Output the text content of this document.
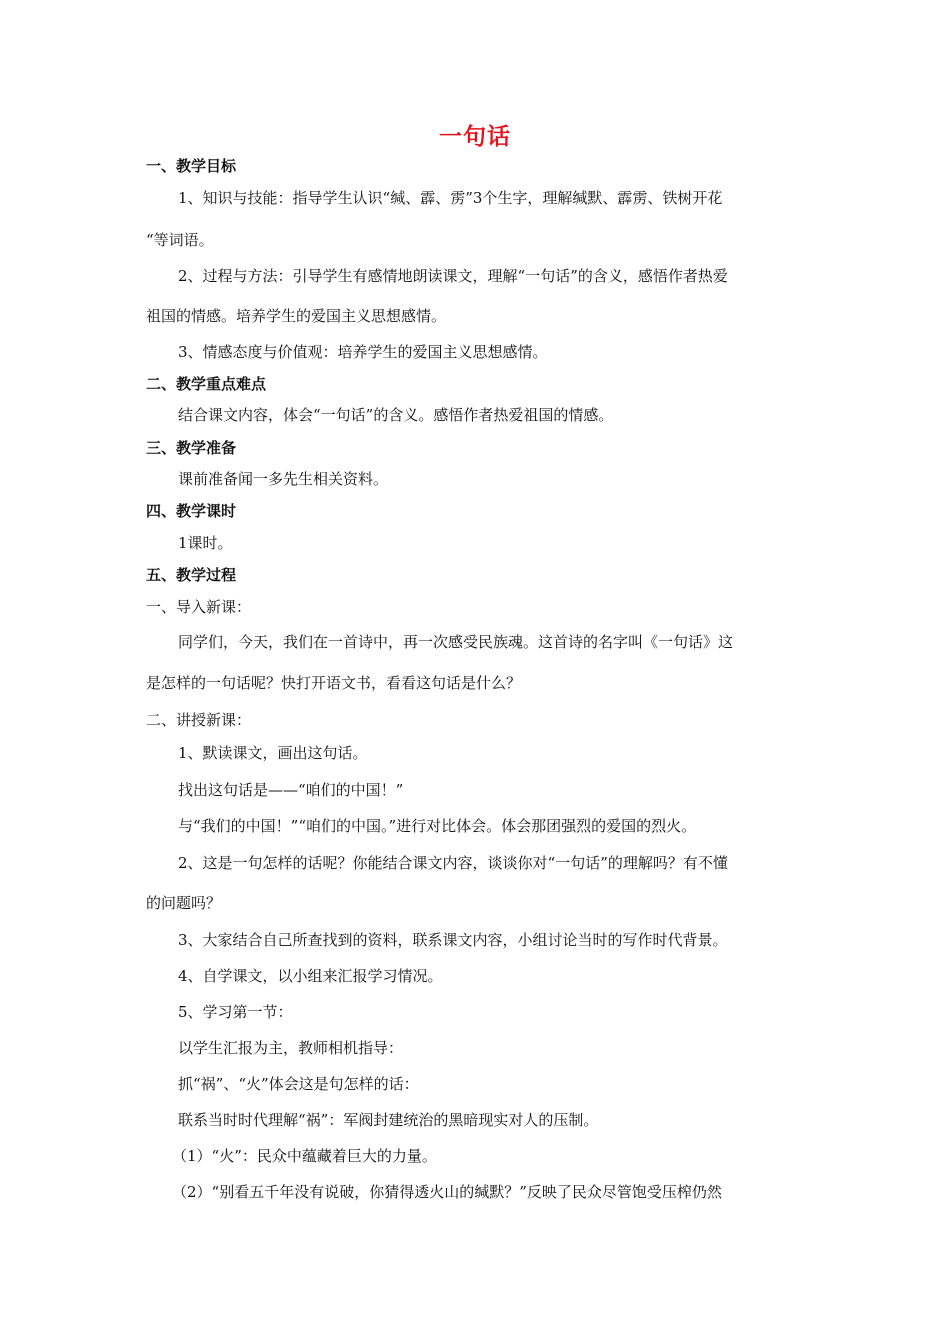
一句话
一、教学目标
1、知识与技能：指导学生认识“缄、霹、雳”3个生字，理解缄默、霹雳、铁树开花
“等词语。
2、过程与方法：引导学生有感情地朗读课文，理解“一句话”的含义，感悟作者热爱
祖国的情感。培养学生的爱国主义思想感情。
3、情感态度与价值观：培养学生的爱国主义思想感情。
二、教学重点难点
结合课文内容，体会“一句话”的含义。感悟作者热爱祖国的情感。
三、教学准备
课前准备闻一多先生相关资料。
四、教学课时
1课时。
五、教学过程
一、导入新课：
同学们，今天，我们在一首诗中，再一次感受民族魂。这首诗的名字叫《一句话》这
是怎样的一句话呢？快打开语文书，看看这句话是什么？
二、讲授新课：
1、默读课文，画出这句话。
找出这句话是——“咱们的中国！”
与“我们的中国！”“咱们的中国。”进行对比体会。体会那团强烈的爱国的烈火。
2、这是一句怎样的话呢？你能结合课文内容，谈谈你对“一句话”的理解吗？有不懂
的问题吗？
3、大家结合自己所查找到的资料，联系课文内容，小组讨论当时的写作时代背景。
4、自学课文，以小组来汇报学习情况。
5、学习第一节：
以学生汇报为主，教师相机指导：
抓“祸”、“火”体会这是句怎样的话：
联系当时时代理解“祸”：军阀封建统治的黑暗现实对人的压制。
（1）“火”：民众中蕴藏着巨大的力量。
（2）“别看五千年没有说破，你猜得透火山的缄默？”反映了民众尽管饱受压榨仍然
